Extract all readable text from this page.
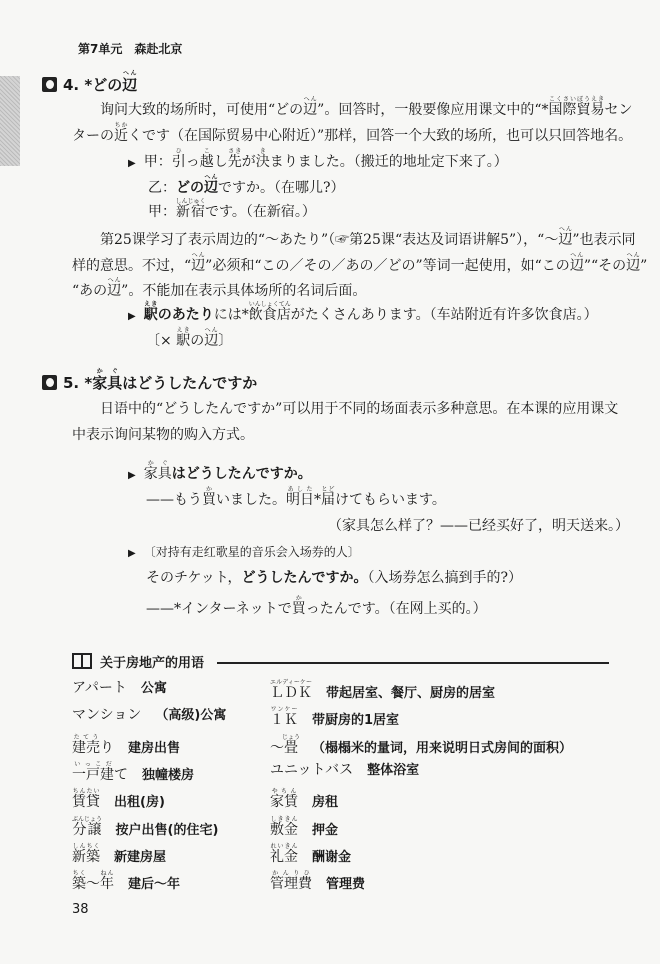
第7单元　森赴北京
4. *どの辺へん
询问大致的场所时，可使用“どの辺へん”。回答时，一般要像应用课文中的“*国際貿易こくさいぼうえきセン
ターの近ちかくです（在国际贸易中心附近）”那样，回答一个大致的场所，也可以只回答地名。
▶ 甲：引ひっ越こし先さきが決きまりました。（搬迁的地址定下来了。）
乙：どの辺へんですか。（在哪儿?）
甲：新宿しんじゅくです。（在新宿。）
第25课学习了表示周边的“～あたり”（☞第25课“表达及词语讲解5”），“～辺へん”也表示同
样的意思。不过，“辺へん”必须和“この／その／あの／どの”等词一起使用，如“この辺へん”“その辺へん”
“あの辺へん”。不能加在表示具体场所的名词后面。
▶ 駅えきのあたりには*飲食店いんしょくてんがたくさんあります。（车站附近有许多饮食店。）
〔× 駅えきの辺へん〕
5. *家具かぐはどうしたんですか
日语中的“どうしたんですか”可以用于不同的场面表示多种意思。在本课的应用课文
中表示询问某物的购入方式。
▶ 家具かぐはどうしたんですか。
——もう買かいました。明日あした*届とどけてもらいます。
（家具怎么样了？——已经买好了，明天送来。）
▶ 〔对持有走红歌星的音乐会入场券的人〕
そのチケット，どうしたんですか。（入场券怎么搞到手的?）
——*インターネットで買かったんです。（在网上买的。）
关于房地产的用语
アパート 公寓
マンション （高级)公寓
建売たてうり 建房出售
一戸建いっこだて 独幢楼房
賃貸ちんたい出租(房)
分譲ぶんじょう按户出售(的住宅)
新築しんちく新建房屋
築ちく～年ねん建后～年
ＬＤＫエルディーケー带起居室、餐厅、厨房的居室
１Ｋワンケー带厨房的1居室
～畳じょう（榻榻米的量词，用来说明日式房间的面积）
ユニットバス 整体浴室
家賃やちん房租
敷金しききん押金
礼金れいきん酬谢金
管理費かんりひ管理费
38
